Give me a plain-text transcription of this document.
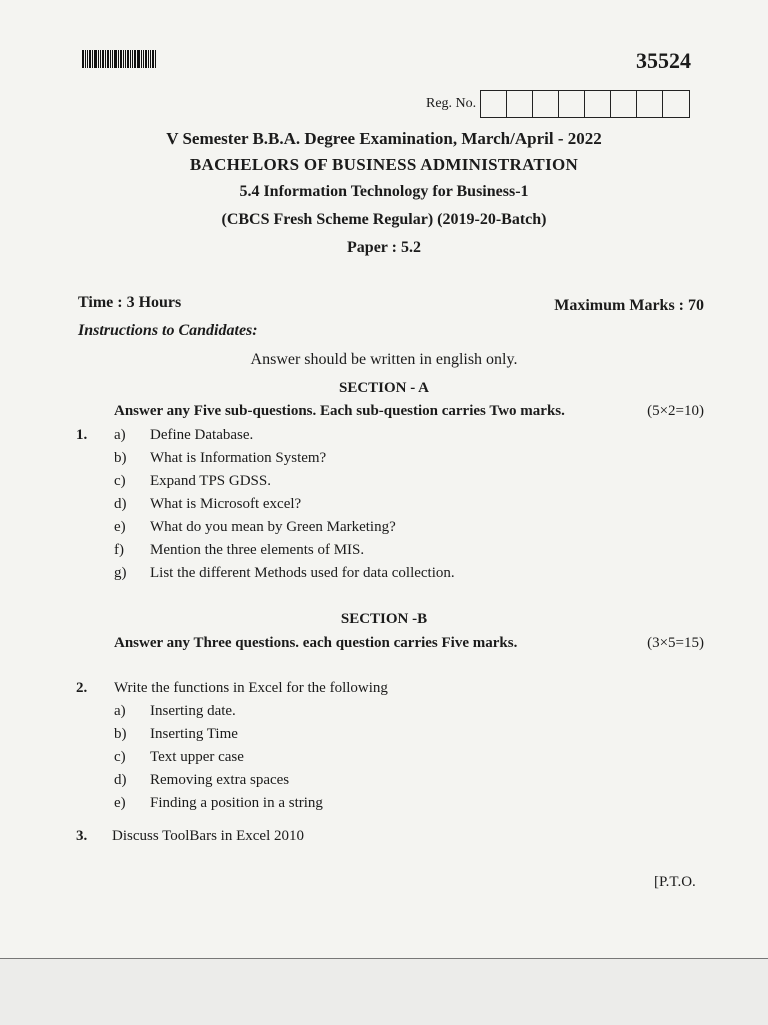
35524
Reg. No.
V Semester B.B.A. Degree Examination, March/April - 2022
BACHELORS OF BUSINESS ADMINISTRATION
5.4 Information Technology for Business-1
(CBCS Fresh Scheme Regular) (2019-20-Batch)
Paper : 5.2
Time : 3 Hours	Maximum Marks : 70
Instructions to Candidates:
Answer should be written in english only.
SECTION - A
Answer any Five sub-questions. Each sub-question carries Two marks.	(5×2=10)
1. a)	Define Database.
b)	What is Information System?
c)	Expand TPS GDSS.
d)	What is Microsoft excel?
e)	What do you mean by Green Marketing?
f)	Mention the three elements of MIS.
g)	List the different Methods used for data collection.
SECTION -B
Answer any Three questions. each question carries Five marks.	(3×5=15)
2. Write the functions in Excel for the following
a)	Inserting date.
b)	Inserting Time
c)	Text upper case
d)	Removing extra spaces
e)	Finding a position in a string
3. Discuss ToolBars in Excel 2010
[P.T.O.
